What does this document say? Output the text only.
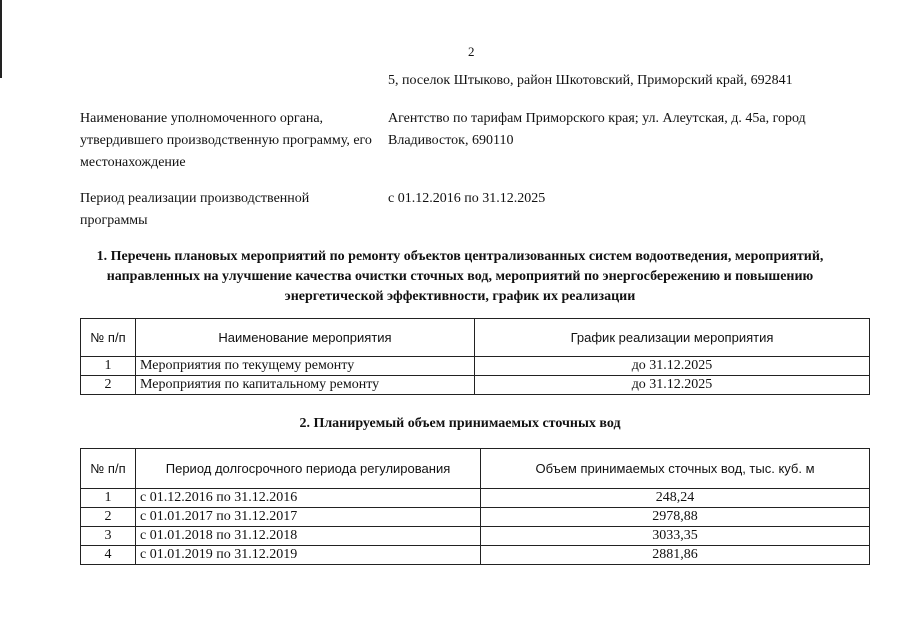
2
5, поселок Штыково, район Шкотовский, Приморский край, 692841
Наименование уполномоченного органа, утвердившего производственную программу, его местонахождение
Агентство по тарифам Приморского края; ул. Алеутская, д. 45а, город Владивосток, 690110
Период реализации производственной программы
с 01.12.2016 по 31.12.2025
1. Перечень плановых мероприятий по ремонту объектов централизованных систем водоотведения, мероприятий, направленных на улучшение качества очистки сточных вод, мероприятий по энергосбережению и повышению энергетической эффективности, график их реализации
№ п/п	Наименование мероприятия	График реализации мероприятия
1	Мероприятия по текущему ремонту	до 31.12.2025
2	Мероприятия по капитальному ремонту	до 31.12.2025
2. Планируемый объем принимаемых сточных вод
№ п/п	Период долгосрочного периода регулирования	Объем принимаемых сточных вод, тыс. куб. м
1	с 01.12.2016 по 31.12.2016	248,24
2	с 01.01.2017 по 31.12.2017	2978,88
3	с 01.01.2018 по 31.12.2018	3033,35
4	с 01.01.2019 по 31.12.2019	2881,86
